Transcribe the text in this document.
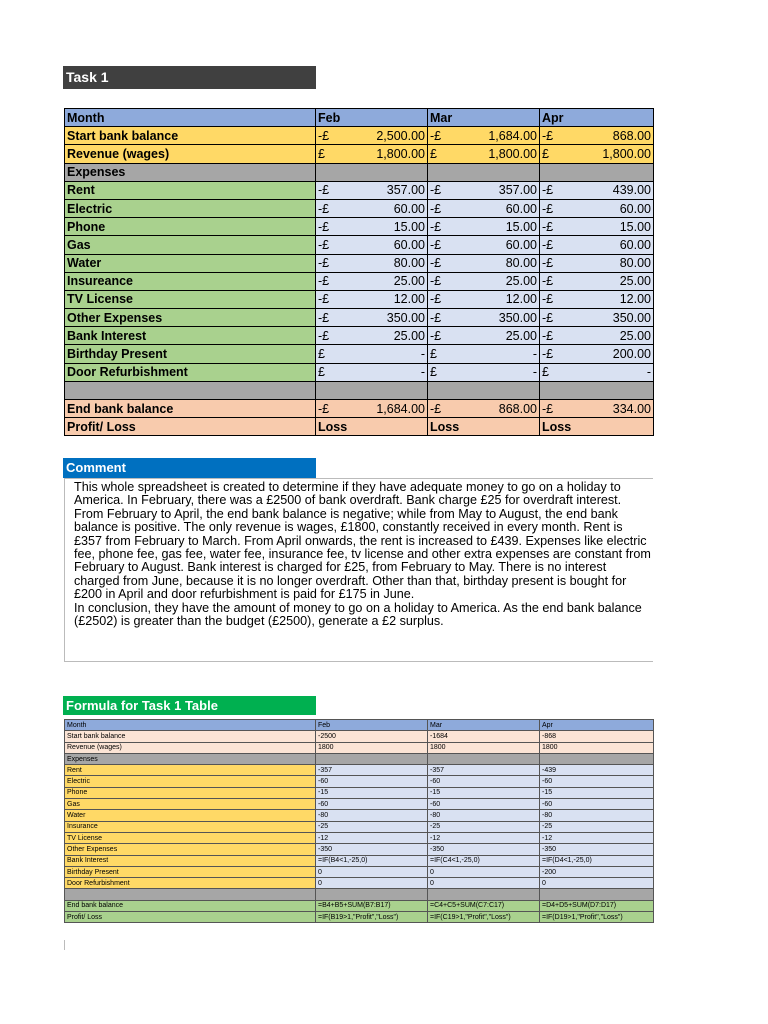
Task 1
Month	Feb	Mar	Apr
Start bank balance	-£ 2,500.00	-£ 1,684.00	-£ 868.00

Revenue (wages)	£ 1,800.00	£ 1,800.00	£ 1,800.00

Expenses			
Rent	-£ 357.00	-£ 357.00	-£ 439.00

Electric	-£ 60.00	-£ 60.00	-£ 60.00

Phone	-£ 15.00	-£ 15.00	-£ 15.00

Gas	-£ 60.00	-£ 60.00	-£ 60.00

Water	-£ 80.00	-£ 80.00	-£ 80.00

Insureance	-£ 25.00	-£ 25.00	-£ 25.00

TV License	-£ 12.00	-£ 12.00	-£ 12.00

Other Expenses	-£ 350.00	-£ 350.00	-£ 350.00

Bank Interest	-£ 25.00	-£ 25.00	-£ 25.00

Birthday Present	£ -	£ -	-£ 200.00

Door Refurbishment	£ -	£ -	£ -

End bank balance	-£ 1,684.00	-£ 868.00	-£ 334.00

Profit/ Loss	Loss	Loss	Loss
Comment

This whole spreadsheet is created to determine if they have adequate money to go on a holiday to America. In February, there was a £2500 of bank overdraft. Bank charge £25 for overdraft interest. From February to April, the end bank balance is negative; while from May to August, the end bank balance is positive. The only revenue is wages, £1800, constantly received in every month. Rent is £357 from February to March. From April onwards, the rent is increased to £439. Expenses like electric fee, phone fee, gas fee, water fee, insurance fee, tv license and other extra expenses are constant from February to August. Bank interest is charged for £25, from February to May. There is no interest charged from June, because it is no longer overdraft. Other than that, birthday present is bought for £200 in April and door refurbishment is paid for £175 in June.

In conclusion, they have the amount of money to go on a holiday to America. As the end bank balance (£2502) is greater than the budget (£2500), generate a £2 surplus.

Formula for Task 1 Table
Month	Feb	Mar	Apr
Start bank balance	-2500	-1684	-868
Revenue (wages)	1800	1800	1800
Expenses			
Rent	-357	-357	-439
Electric	-60	-60	-60
Phone	-15	-15	-15
Gas	-60	-60	-60
Water	-80	-80	-80
Insurance	-25	-25	-25
TV License	-12	-12	-12
Other Expenses	-350	-350	-350
Bank Interest	=IF(B4<1,-25,0)	=IF(C4<1,-25,0)	=IF(D4<1,-25,0)
Birthday Present	0	0	-200
Door Refurbishment	0	0	0

End bank balance	=B4+B5+SUM(B7:B17)	=C4+C5+SUM(C7:C17)	=D4+D5+SUM(D7:D17)
Profit/ Loss	=IF(B19>1,"Profit","Loss")	=IF(C19>1,"Profit","Loss")	=IF(D19>1,"Profit","Loss")
